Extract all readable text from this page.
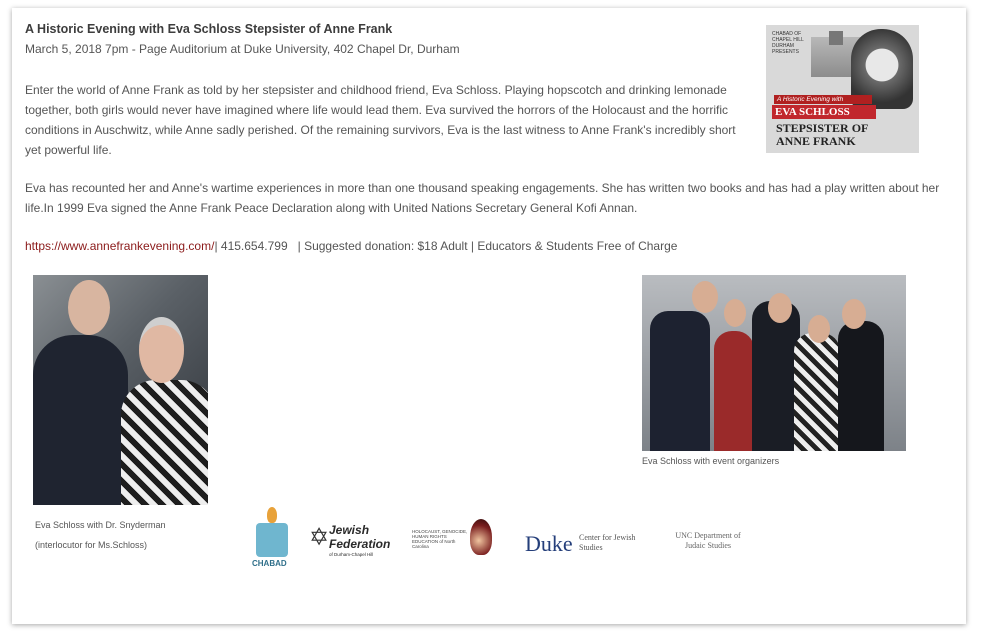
A Historic Evening with Eva Schloss Stepsister of Anne Frank
March 5, 2018 7pm - Page Auditorium at Duke University, 402 Chapel Dr, Durham
CHABAD OF CHAPEL HILL DURHAM PRESENTS
A Historic Evening with
EVA SCHLOSS
STEPSISTER OF
ANNE FRANK
Enter the world of Anne Frank as told by her stepsister and childhood friend, Eva Schloss. Playing hopscotch and drinking lemonade together, both girls would never have imagined where life would lead them. Eva survived the horrors of the Holocaust and the horrific conditions in Auschwitz, while Anne sadly perished. Of the remaining survivors, Eva is the last witness to Anne Frank's incredibly short yet powerful life.
Eva has recounted her and Anne's wartime experiences in more than one thousand speaking engagements. She has written two books and has had a play written about her life.In 1999 Eva signed the Anne Frank Peace Declaration along with United Nations Secretary General Kofi Annan.
https://www.annefrankevening.com/| 415.654.799   | Suggested donation: $18 Adult | Educators & Students Free of Charge
Eva Schloss with Dr. Snyderman
(interlocutor for Ms.Schloss)
Eva Schloss with event organizers
CHABAD
✡ Jewish
Federation
of Durham-Chapel Hill
HOLOCAUST, GENOCIDE, HUMAN RIGHTS EDUCATION of North Carolina	Duke Center for Jewish Studies
UNC Department of Judaic Studies
